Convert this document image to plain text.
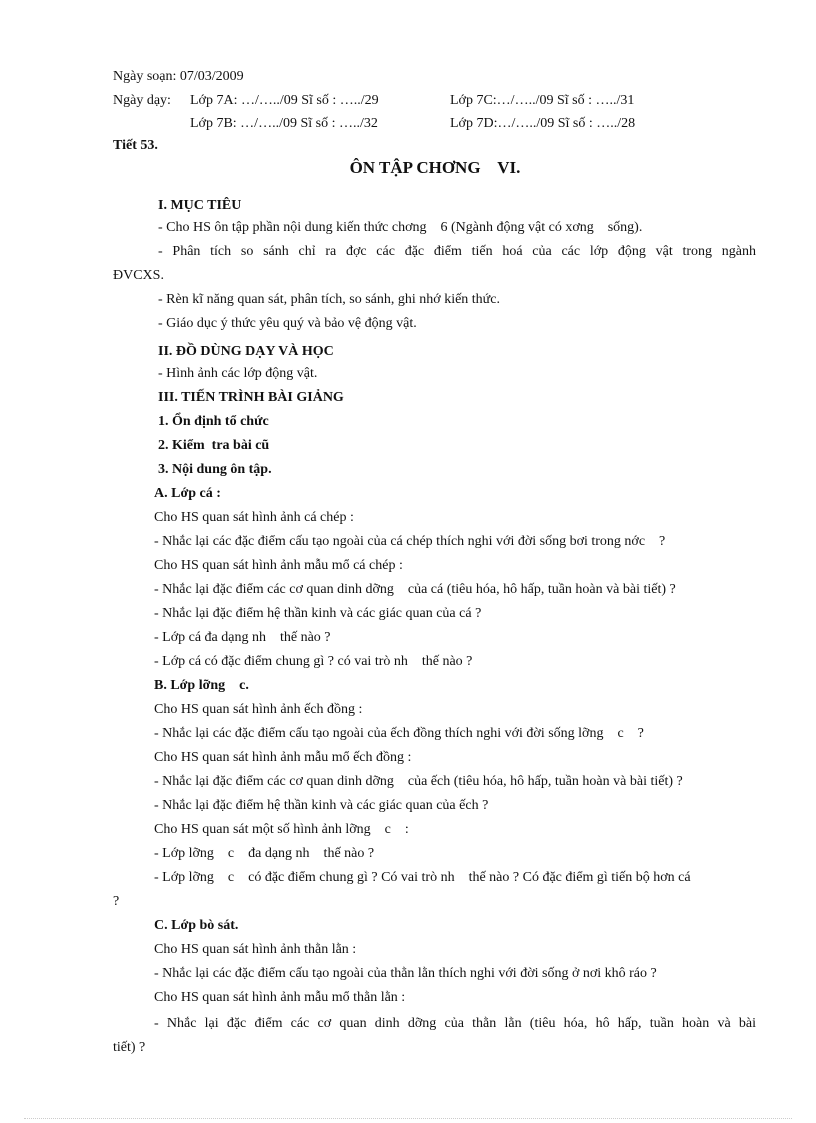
Ngày soạn: 07/03/2009
Ngày dạy: Lớp 7A: …/…../09 Sĩ số : …../29	Lớp 7C:…/…../09 Sĩ số : …../31
Lớp 7B: …/…../09 Sĩ số : …../32	Lớp 7D:…/…../09 Sĩ số : …../28
Tiết 53.
ÔN TẬP CHƠNG    VI.
I. MỤC TIÊU
- Cho HS ôn tập phần nội dung kiến thức chơng    6 (Ngành động vật có xơng    sống).
- Phân tích so sánh chỉ ra đợc các đặc điểm tiến hoá của các lớp động vật trong ngành
ĐVCXS.
- Rèn kĩ năng quan sát, phân tích, so sánh, ghi nhớ kiến thức.
- Giáo dục ý thức yêu quý và bảo vệ động vật.
II. ĐỒ DÙNG DẠY VÀ HỌC
- Hình ảnh các lớp động vật.
III. TIẾN TRÌNH BÀI GIẢNG
1. Ổn định tổ chức
2. Kiểm  tra bài cũ
3. Nội dung ôn tập.
A. Lớp cá :
Cho HS quan sát hình ảnh cá chép :
- Nhắc lại các đặc điểm cấu tạo ngoài của cá chép thích nghi với đời sống bơi trong nớc    ?
Cho HS quan sát hình ảnh mẫu mổ cá chép :
- Nhắc lại đặc điểm các cơ quan dinh dỡng    của cá (tiêu hóa, hô hấp, tuần hoàn và bài tiết) ?
- Nhắc lại đặc điểm hệ thần kinh và các giác quan của cá ?
- Lớp cá đa dạng nh    thế nào ?
- Lớp cá có đặc điểm chung gì ? có vai trò nh    thế nào ?
B. Lớp lỡng    c.
Cho HS quan sát hình ảnh ếch đồng :
- Nhắc lại các đặc điểm cấu tạo ngoài của ếch đồng thích nghi với đời sống lỡng    c    ?
Cho HS quan sát hình ảnh mẫu mổ ếch đồng :
- Nhắc lại đặc điểm các cơ quan dinh dỡng    của ếch (tiêu hóa, hô hấp, tuần hoàn và bài tiết) ?
- Nhắc lại đặc điểm hệ thần kinh và các giác quan của ếch ?
Cho HS quan sát một số hình ảnh lỡng    c    :
- Lớp lỡng    c    đa dạng nh    thế nào ?
- Lớp lỡng    c    có đặc điểm chung gì ? Có vai trò nh    thế nào ? Có đặc điểm gì tiến bộ hơn cá
?
C. Lớp bò sát.
Cho HS quan sát hình ảnh thằn lằn :
- Nhắc lại các đặc điểm cấu tạo ngoài của thằn lằn thích nghi với đời sống ở nơi khô ráo ?
Cho HS quan sát hình ảnh mẫu mổ thằn lằn :
- Nhắc lại đặc điểm các cơ quan dinh dỡng của thằn lằn (tiêu hóa, hô hấp, tuần hoàn và bài
tiết) ?
